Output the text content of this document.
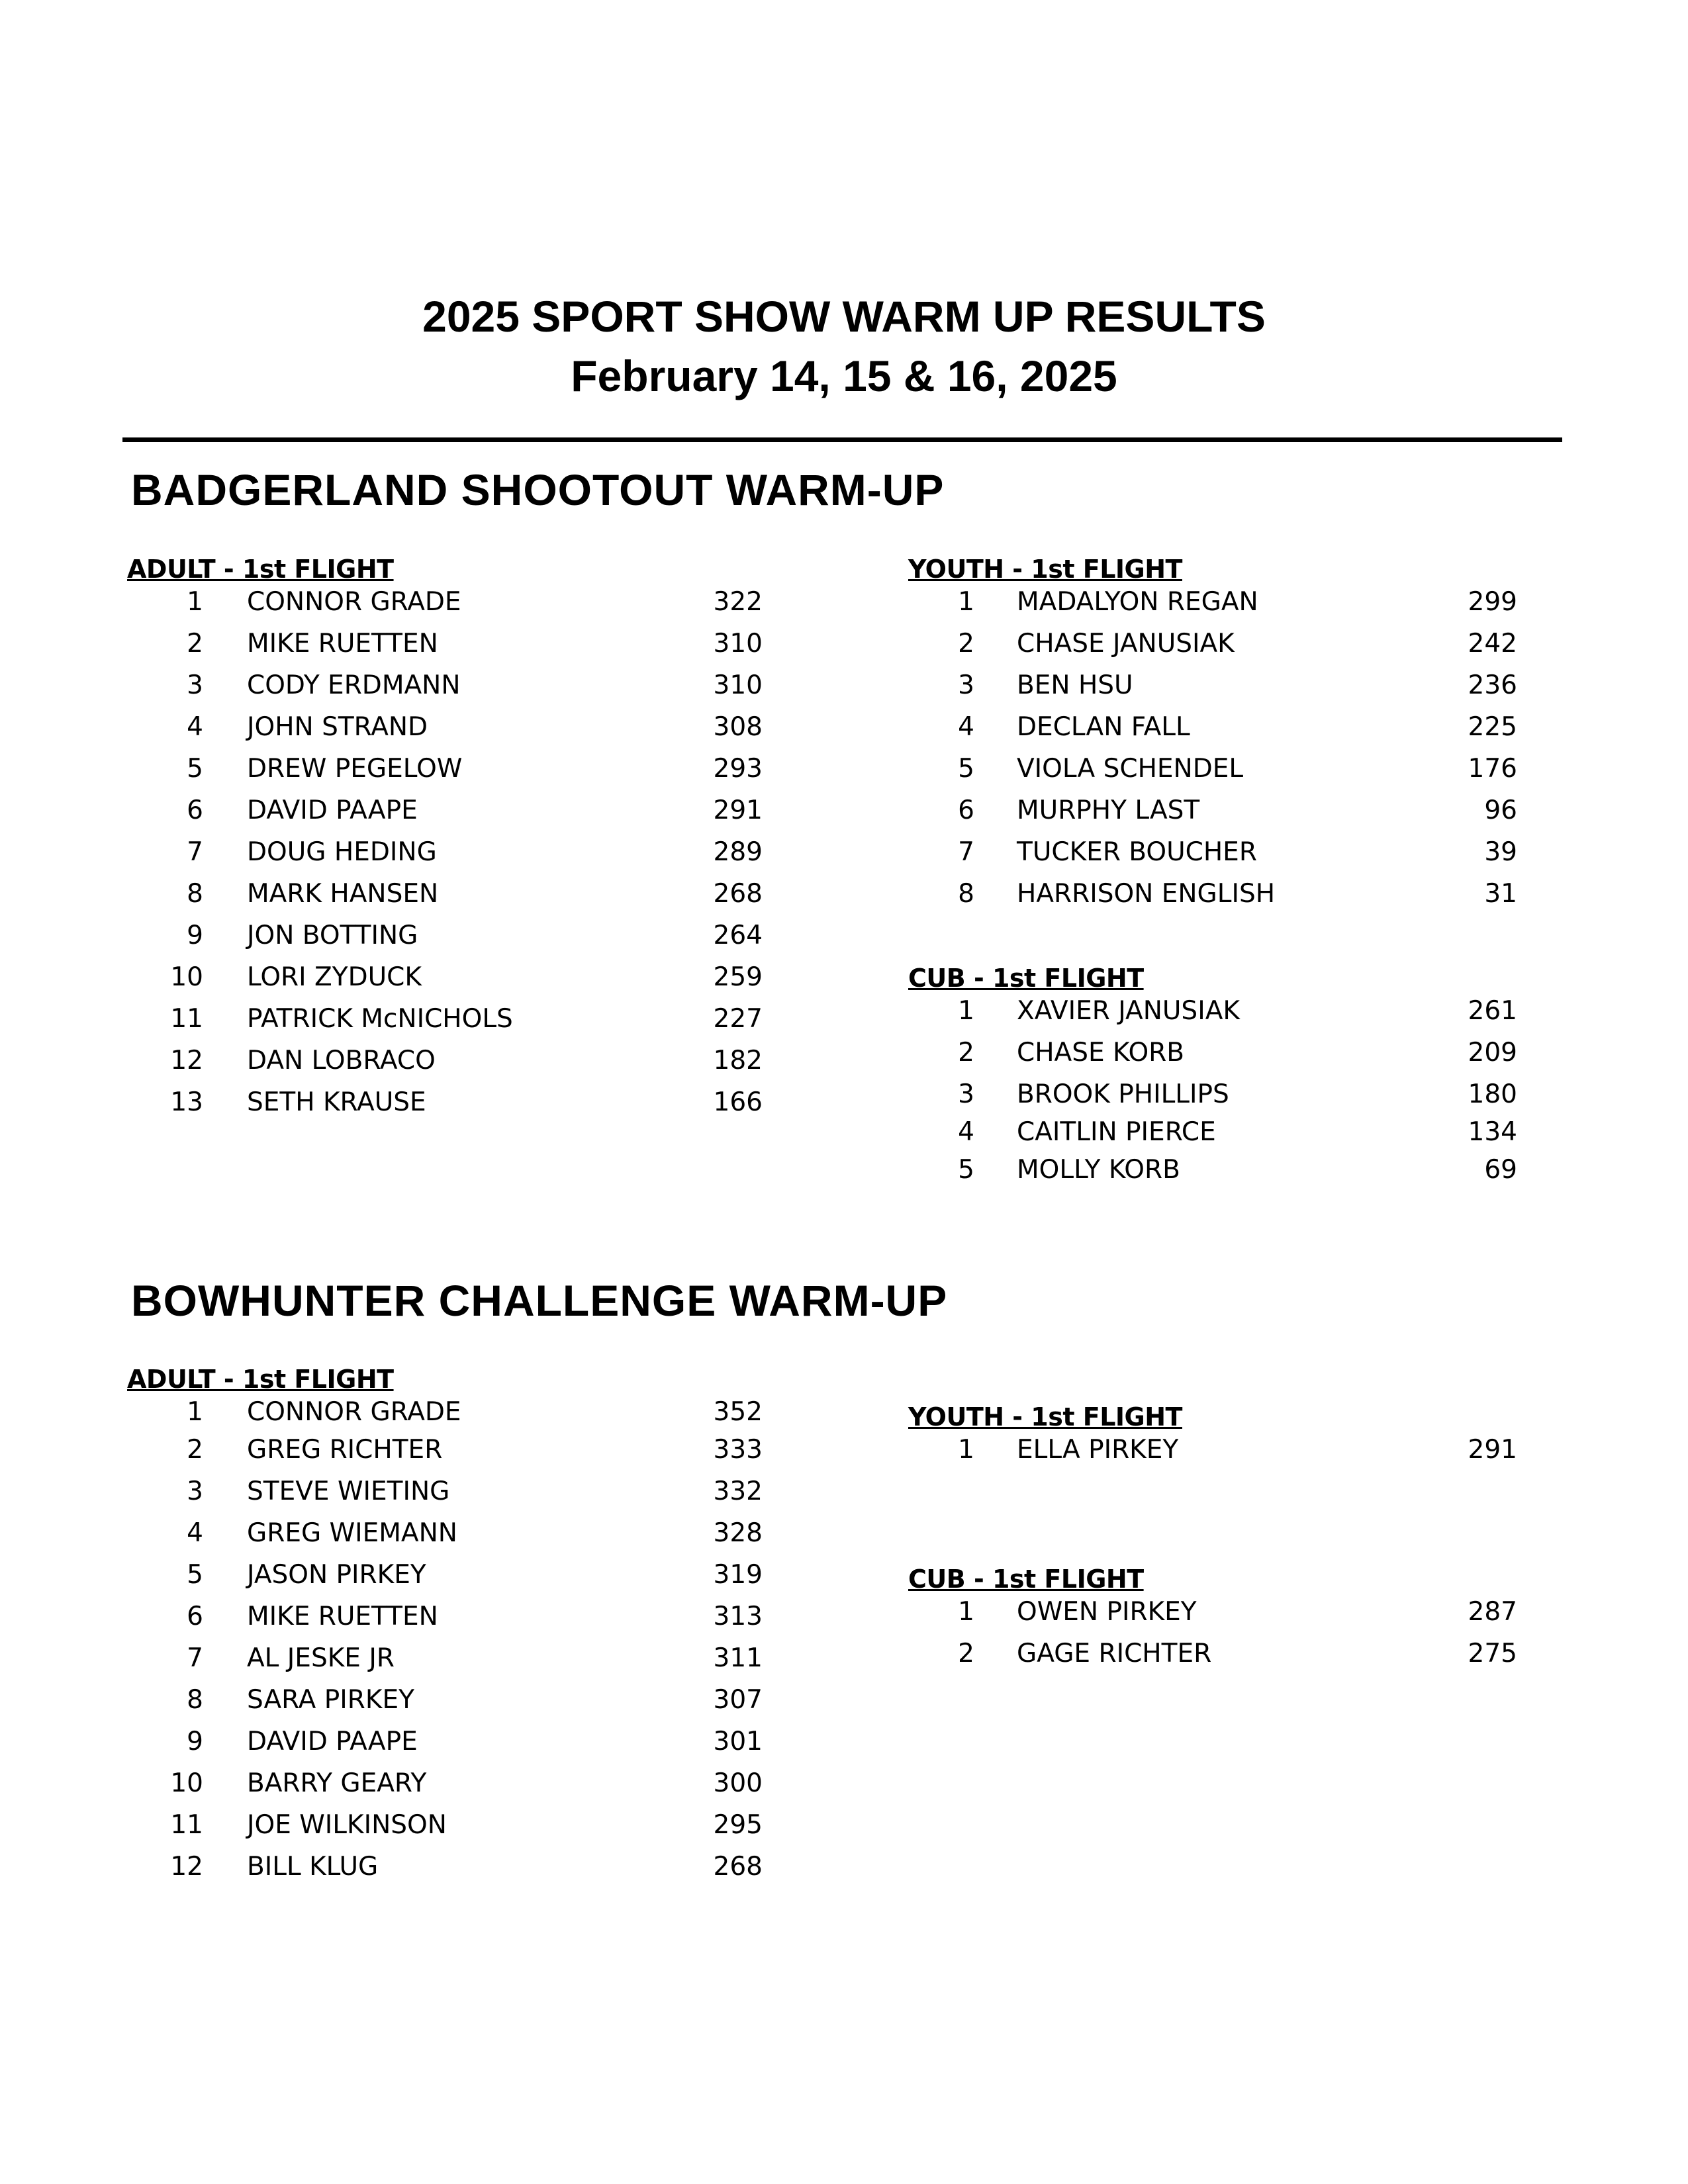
2025 SPORT SHOW WARM UP RESULTS
February 14, 15 & 16, 2025
BADGERLAND SHOOTOUT WARM-UP
ADULT - 1st FLIGHT
1 CONNOR GRADE	322
2 MIKE RUETTEN	310
3 CODY ERDMANN	310
4 JOHN STRAND	308
5 DREW PEGELOW	293
6 DAVID PAAPE	291
7 DOUG HEDING	289
8 MARK HANSEN	268
9 JON BOTTING	264
10 LORI ZYDUCK	259
11 PATRICK McNICHOLS	227
12 DAN LOBRACO	182
13 SETH KRAUSE	166
YOUTH - 1st FLIGHT
1 MADALYON REGAN	299
2 CHASE JANUSIAK	242
3 BEN HSU	236
4 DECLAN FALL	225
5 VIOLA SCHENDEL	176
6 MURPHY LAST	96
7 TUCKER BOUCHER	39
8 HARRISON ENGLISH	31
CUB - 1st FLIGHT
1 XAVIER JANUSIAK	261
2 CHASE KORB	209
3 BROOK PHILLIPS	180
4 CAITLIN PIERCE	134
5 MOLLY KORB	69
BOWHUNTER CHALLENGE WARM-UP
ADULT - 1st FLIGHT
1 CONNOR GRADE	352
2 GREG RICHTER	333
3 STEVE WIETING	332
4 GREG WIEMANN	328
5 JASON PIRKEY	319
6 MIKE RUETTEN	313
7 AL JESKE JR	311
8 SARA PIRKEY	307
9 DAVID PAAPE	301
10 BARRY GEARY	300
11 JOE WILKINSON	295
12 BILL KLUG	268
YOUTH - 1st FLIGHT
1 ELLA PIRKEY	291
CUB - 1st FLIGHT
1 OWEN PIRKEY	287
2 GAGE RICHTER	275
